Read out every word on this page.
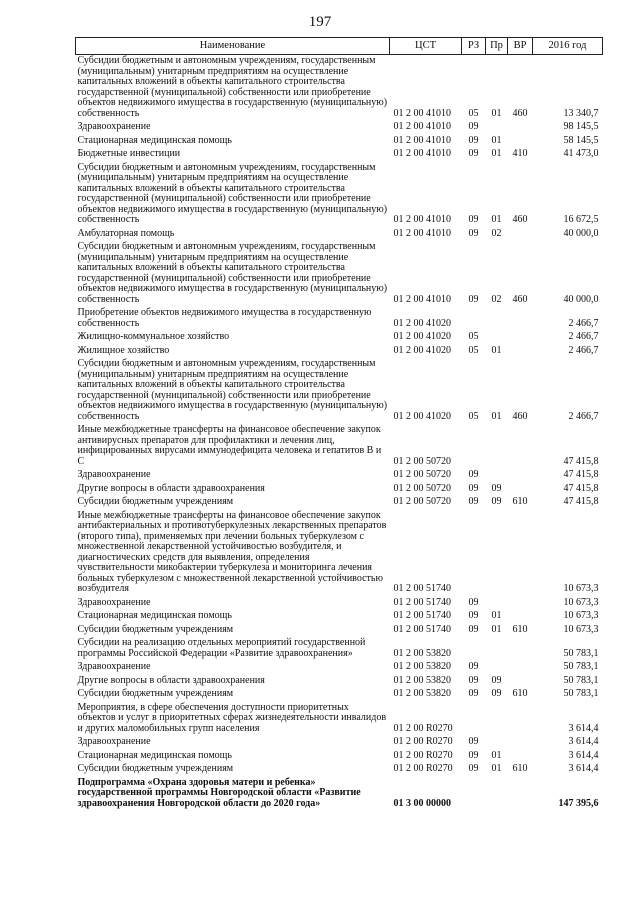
197
Наименование	ЦСТ	РЗ	Пр	ВР	2016 год
Субсидии бюджетным и автономным учреждениям, государственным (муниципальным) унитарным предприятиям на осуществление капитальных вложений в объекты капитального строительства государственной (муниципальной) собственности или приобретение объектов недвижимого имущества в государственную (муниципальную) собственность	01 2 00 41010	05	01	460	13 340,7
Здравоохранение	01 2 00 41010	09			98 145,5
Стационарная медицинская помощь	01 2 00 41010	09	01		58 145,5
Бюджетные инвестиции	01 2 00 41010	09	01	410	41 473,0
Субсидии бюджетным и автономным учреждениям, государственным (муниципальным) унитарным предприятиям на осуществление капитальных вложений в объекты капитального строительства государственной (муниципальной) собственности или приобретение объектов недвижимого имущества в государственную (муниципальную) собственность	01 2 00 41010	09	01	460	16 672,5
Амбулаторная помощь	01 2 00 41010	09	02		40 000,0
Субсидии бюджетным и автономным учреждениям, государственным (муниципальным) унитарным предприятиям на осуществление капитальных вложений в объекты капитального строительства государственной (муниципальной) собственности или приобретение объектов недвижимого имущества в государственную (муниципальную) собственность	01 2 00 41010	09	02	460	40 000,0
Приобретение объектов недвижимого имущества в государственную собственность	01 2 00 41020				2 466,7
Жилищно-коммунальное хозяйство	01 2 00 41020	05			2 466,7
Жилищное хозяйство	01 2 00 41020	05	01		2 466,7
Субсидии бюджетным и автономным учреждениям, государственным (муниципальным) унитарным предприятиям на осуществление капитальных вложений в объекты капитального строительства государственной (муниципальной) собственности или приобретение объектов недвижимого имущества в государственную (муниципальную) собственность	01 2 00 41020	05	01	460	2 466,7
Иные межбюджетные трансферты на финансовое обеспечение закупок антивирусных препаратов для профилактики и лечения лиц, инфицированных вирусами иммунодефицита человека и гепатитов В и С	01 2 00 50720				47 415,8
Здравоохранение	01 2 00 50720	09			47 415,8
Другие вопросы в области здравоохранения	01 2 00 50720	09	09		47 415,8
Субсидии бюджетным учреждениям	01 2 00 50720	09	09	610	47 415,8
Иные межбюджетные трансферты на финансовое обеспечение закупок антибактериальных и противотуберкулезных лекарственных препаратов (второго типа), применяемых при лечении больных туберкулезом с множественной лекарственной устойчивостью возбудителя, и диагностических средств для выявления, определения чувствительности микобактерии туберкулеза и мониторинга лечения больных туберкулезом с множественной лекарственной устойчивостью возбудителя	01 2 00 51740				10 673,3
Здравоохранение	01 2 00 51740	09			10 673,3
Стационарная медицинская помощь	01 2 00 51740	09	01		10 673,3
Субсидии бюджетным учреждениям	01 2 00 51740	09	01	610	10 673,3
Субсидии на реализацию отдельных мероприятий государственной программы Российской Федерации «Развитие здравоохранения»	01 2 00 53820				50 783,1
Здравоохранение	01 2 00 53820	09			50 783,1
Другие вопросы в области здравоохранения	01 2 00 53820	09	09		50 783,1
Субсидии бюджетным учреждениям	01 2 00 53820	09	09	610	50 783,1
Мероприятия, в сфере обеспечения доступности приоритетных объектов и услуг в приоритетных сферах жизнедеятельности инвалидов и других маломобильных групп населения	01 2 00 R0270				3 614,4
Здравоохранение	01 2 00 R0270	09			3 614,4
Стационарная медицинская помощь	01 2 00 R0270	09	01		3 614,4
Субсидии бюджетным учреждениям	01 2 00 R0270	09	01	610	3 614,4
Подпрограмма «Охрана здоровья матери и ребенка» государственной программы Новгородской области «Развитие здравоохранения Новгородской области до 2020 года»	01 3 00 00000				147 395,6
